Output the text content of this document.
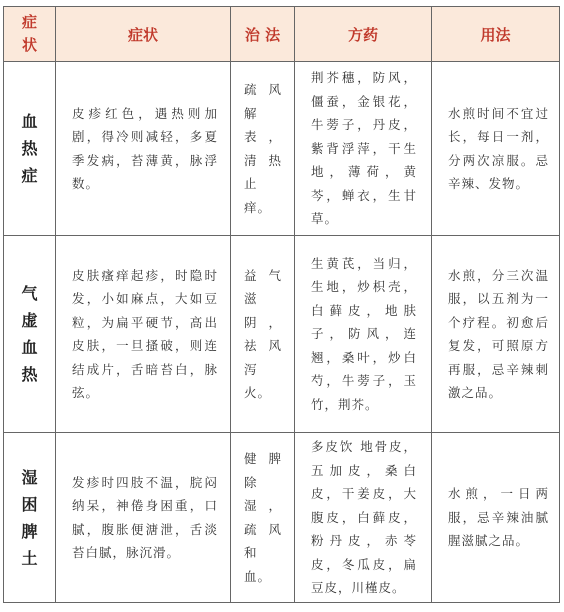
症
状	症状	治 法	方药	用法

血
热
症	皮疹红色，遇热则加剧，得冷则减轻，多夏季发病，苔薄黄，脉浮数。	疏风解表，清热止痒。	荆芥穗，防风，僵蚕，金银花，牛蒡子，丹皮，紫背浮萍，干生地，薄荷，黄芩，蝉衣，生甘草。	水煎时间不宜过长，每日一剂，分两次凉服。忌辛辣、发物。

气
虚
血
热	皮肤瘙痒起疹，时隐时发，小如麻点，大如豆粒，为扁平硬节，高出皮肤，一旦搔破，则连结成片，舌暗苔白，脉弦。	益气滋阴，祛风泻火。	生黄芪，当归，生地，炒枳壳，白藓皮，地肤子，防风，连翘，桑叶，炒白芍，牛蒡子，玉竹，荆芥。	水煎，分三次温服，以五剂为一个疗程。初愈后复发，可照原方再服，忌辛辣刺激之品。

湿
困
脾
土	发疹时四肢不温，脘闷纳呆，神倦身困重，口腻，腹胀便溏泄，舌淡苔白腻，脉沉滑。	健脾除湿，疏风和血。	多皮饮 地骨皮，五加皮，桑白皮，干姜皮，大腹皮，白藓皮，粉丹皮，赤苓皮，冬瓜皮，扁豆皮，川槿皮。	水煎，一日两服，忌辛辣油腻腥滋腻之品。
